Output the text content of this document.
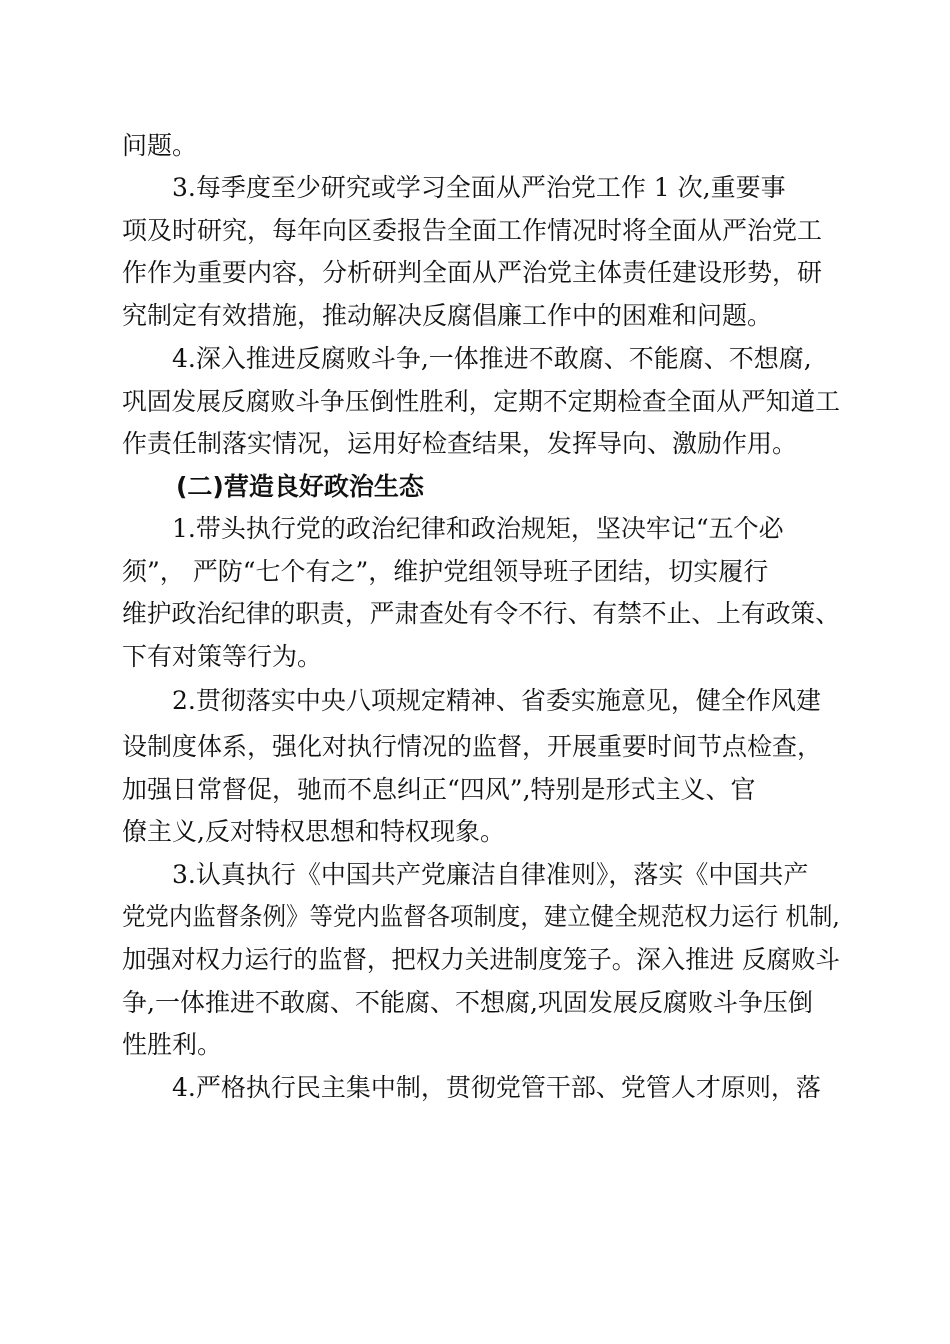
问题。
3.每季度至少研究或学习全面从严治党工作 1 次,重要事
项及时研究，每年向区委报告全面工作情况时将全面从严治党工
作作为重要内容，分析研判全面从严治党主体责任建设形势，研
究制定有效措施，推动解决反腐倡廉工作中的困难和问题。
4.深入推进反腐败斗争,一体推进不敢腐、不能腐、不想腐,
巩固发展反腐败斗争压倒性胜利，定期不定期检查全面从严知道工
作责任制落实情况，运用好检查结果，发挥导向、激励作用。
(二)营造良好政治生态
1.带头执行党的政治纪律和政治规矩，坚决牢记“五个必
须”， 严防“七个有之”，维护党组领导班子团结，切实履行
维护政治纪律的职责，严肃查处有令不行、有禁不止、上有政策、
下有对策等行为。
2.贯彻落实中央八项规定精神、省委实施意见，健全作风建
设制度体系，强化对执行情况的监督，开展重要时间节点检查，
加强日常督促，驰而不息纠正“四风”,特别是形式主义、官
僚主义,反对特权思想和特权现象。
3.认真执行《中国共产党廉洁自律准则》，落实《中国共产
党党内监督条例》等党内监督各项制度，建立健全规范权力运行 机制,
加强对权力运行的监督，把权力关进制度笼子。深入推进 反腐败斗
争,一体推进不敢腐、不能腐、不想腐,巩固发展反腐败斗争压倒
性胜利。
4.严格执行民主集中制，贯彻党管干部、党管人才原则，落
